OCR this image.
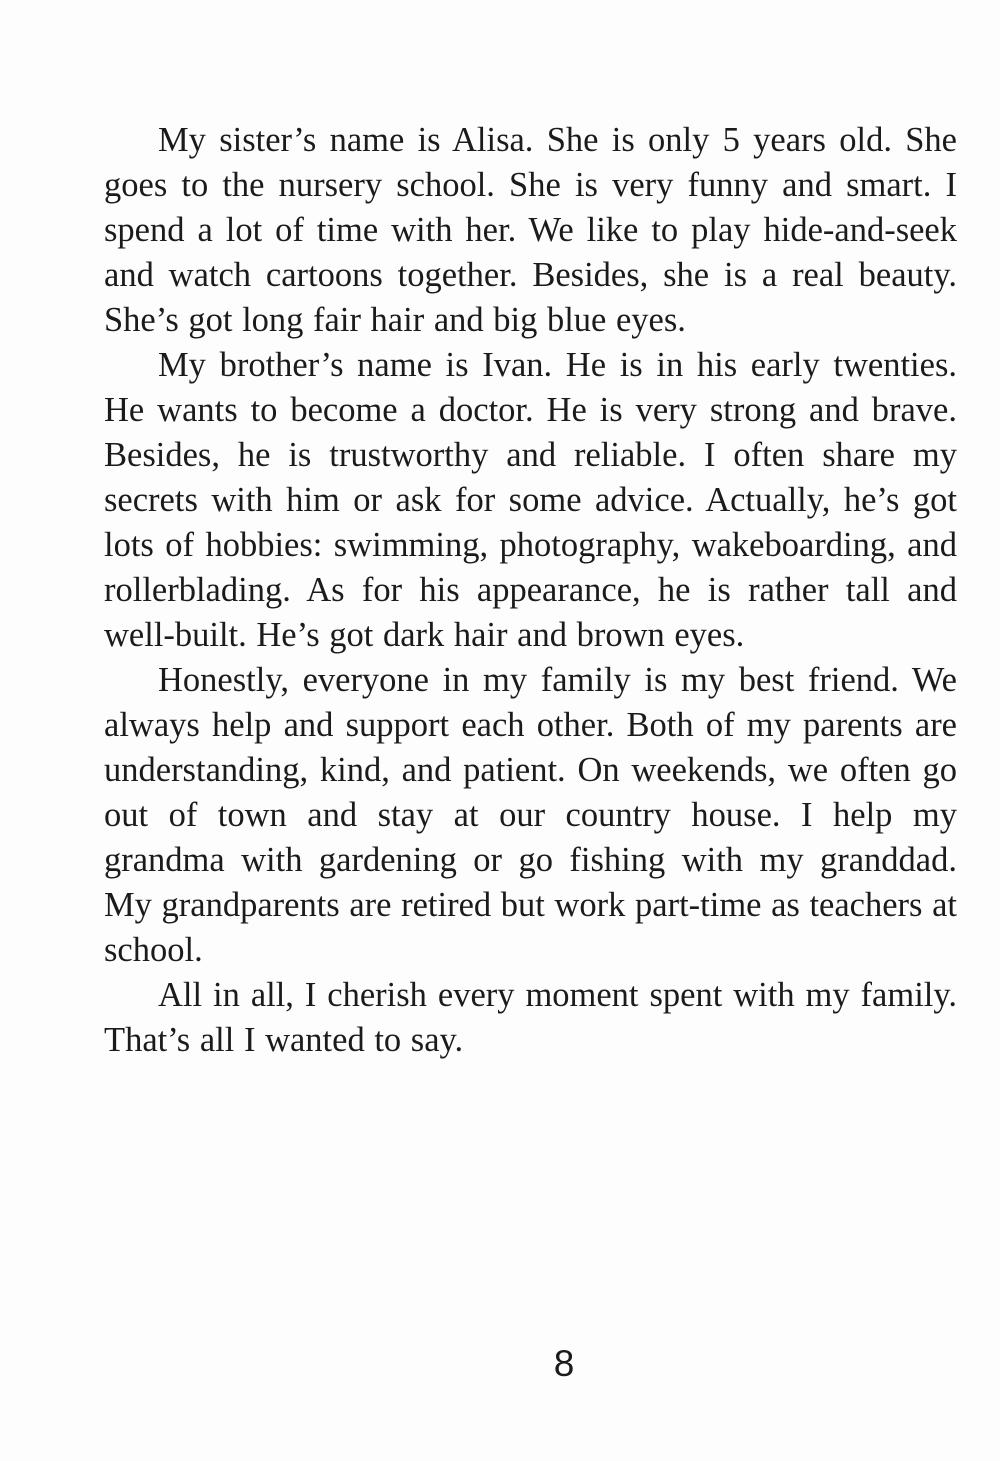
My sister’s name is Alisa. She is only 5 years old. She goes to the nursery school. She is very funny and smart. I spend a lot of time with her. We like to play hide-and-seek and watch cartoons together. Besides, she is a real beauty. She’s got long fair hair and big blue eyes.

My brother’s name is Ivan. He is in his early twenties. He wants to become a doctor. He is very strong and brave. Besides, he is trustworthy and reliable. I often share my secrets with him or ask for some advice. Actually, he’s got lots of hobbies: swimming, photography, wakeboarding, and rollerblading. As for his appearance, he is rather tall and well-built. He’s got dark hair and brown eyes.

Honestly, everyone in my family is my best friend. We always help and support each other. Both of my parents are understanding, kind, and patient. On weekends, we often go out of town and stay at our country house. I help my grandma with gardening or go fishing with my granddad. My grandparents are retired but work part-time as teachers at school.

All in all, I cherish every moment spent with my family. That’s all I wanted to say.

8
